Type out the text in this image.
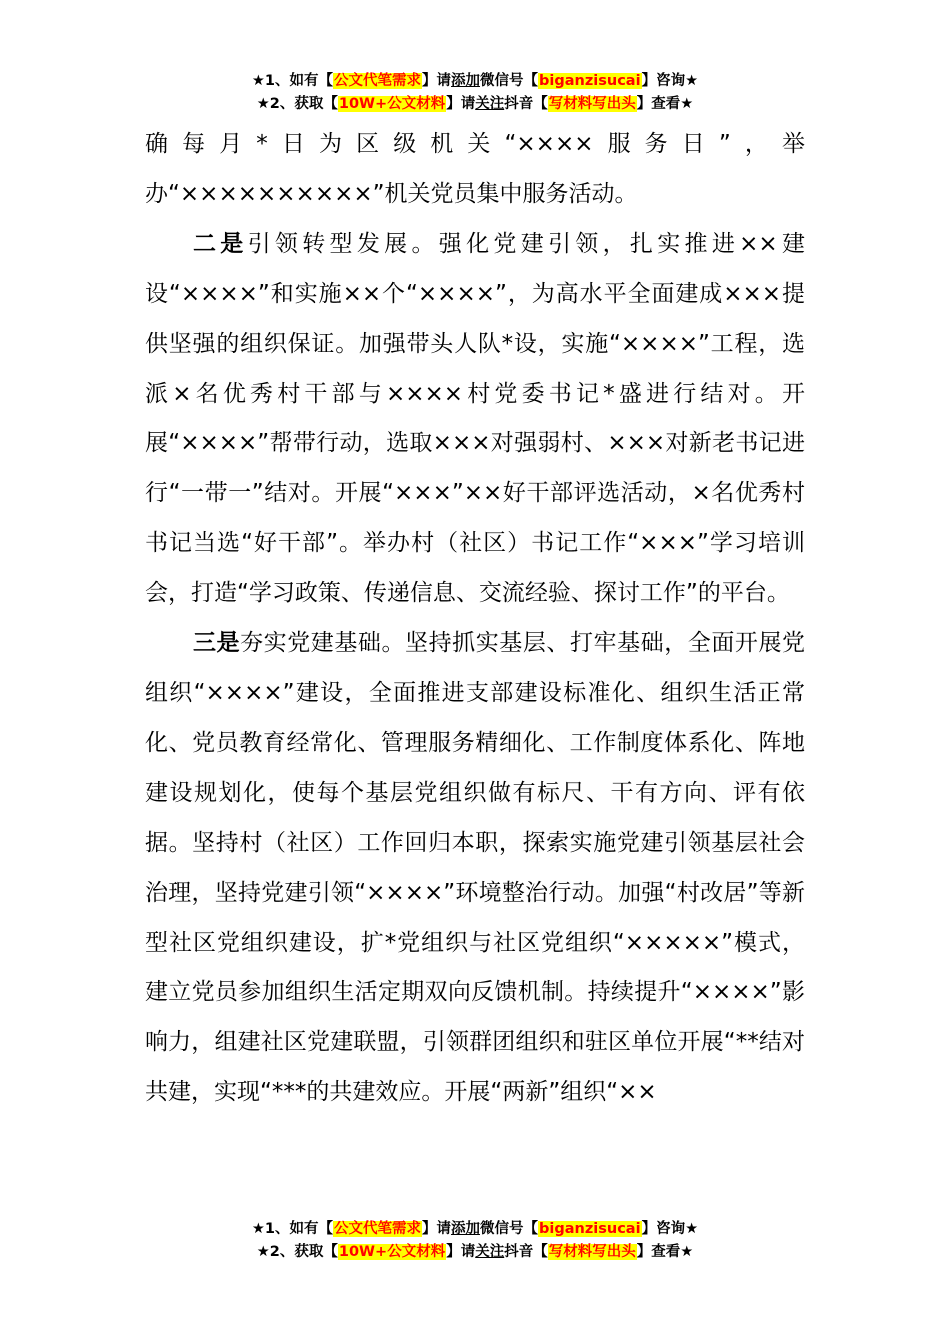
★1、如有【公文代笔需求】请添加微信号【biganzisucai】咨询★
★2、获取【10W+公文材料】请关注抖音【写材料写出头】查看★

确每月*日为区级机关“××××服务日”，举办“××××××××××”机关党员集中服务活动。

二是引领转型发展。强化党建引领，扎实推进××建设“××××”和实施××个“××××”，为高水平全面建成×××提供坚强的组织保证。加强带头人队*设，实施“××××”工程，选派×名优秀村干部与××××村党委书记*盛进行结对。开展“××××”帮带行动，选取×××对强弱村、×××对新老书记进行“一带一”结对。开展“×××”××好干部评选活动，×名优秀村书记当选“好干部”。举办村（社区）书记工作“×××”学习培训会，打造“学习政策、传递信息、交流经验、探讨工作”的平台。

三是夯实党建基础。坚持抓实基层、打牢基础，全面开展党组织“××××”建设，全面推进支部建设标准化、组织生活正常化、党员教育经常化、管理服务精细化、工作制度体系化、阵地建设规划化，使每个基层党组织做有标尺、干有方向、评有依据。坚持村（社区）工作回归本职，探索实施党建引领基层社会治理，坚持党建引领“××××”环境整治行动。加强“村改居”等新型社区党组织建设，扩*党组织与社区党组织“×××××”模式，建立党员参加组织生活定期双向反馈机制。持续提升“××××”影响力，组建社区党建联盟，引领群团组织和驻区单位开展“**结对共建，实现“***的共建效应。开展“两新”组织“××

★1、如有【公文代笔需求】请添加微信号【biganzisucai】咨询★
★2、获取【10W+公文材料】请关注抖音【写材料写出头】查看★
